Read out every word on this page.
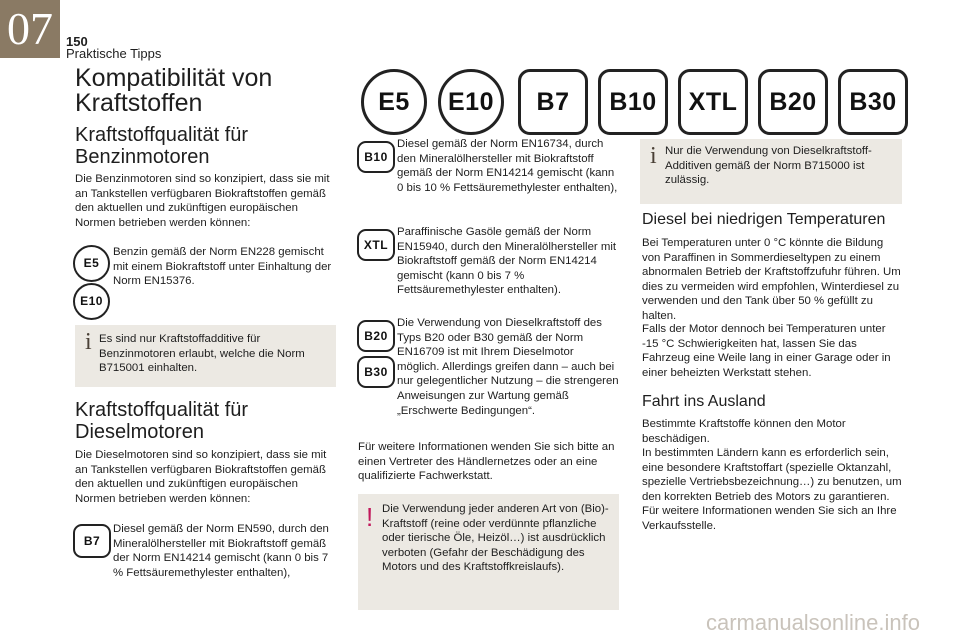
07	150
Praktische Tipps
Kompatibilität von Kraftstoffen	E5	E10	B7	B10	XTL	B20	B30
Kraftstoffqualität für Benzinmotoren

Die Benzinmotoren sind so konzipiert, dass sie mit an Tankstellen verfügbaren Biokraftstoffen gemäß den aktuellen und zukünftigen europäischen Normen betrieben werden können:

E5
E10

Benzin gemäß der Norm EN228 gemischt mit einem Biokraftstoff unter Einhaltung der Norm EN15376.

i Es sind nur Kraftstoffadditive für Benzinmotoren erlaubt, welche die Norm B715001 einhalten.

Kraftstoffqualität für Dieselmotoren

Die Dieselmotoren sind so konzipiert, dass sie mit an Tankstellen verfügbaren Biokraftstoffen gemäß den aktuellen und zukünftigen europäischen Normen betrieben werden können:

B7

Diesel gemäß der Norm EN590, durch den Mineralölhersteller mit Biokraftstoff gemäß der Norm EN14214 gemischt (kann 0 bis 7 % Fettsäuremethylester enthalten),

B10

Diesel gemäß der Norm EN16734, durch den Mineralölhersteller mit Biokraftstoff gemäß der Norm EN14214 gemischt (kann 0 bis 10 % Fettsäuremethylester enthalten),

XTL

Paraffinische Gasöle gemäß der Norm EN15940, durch den Mineralölhersteller mit Biokraftstoff gemäß der Norm EN14214 gemischt (kann 0 bis 7 % Fettsäuremethylester enthalten).

B20
B30

Die Verwendung von Dieselkraftstoff des Typs B20 oder B30 gemäß der Norm EN16709 ist mit Ihrem Dieselmotor möglich. Allerdings greifen dann – auch bei nur gelegentlicher Nutzung – die strengeren Anweisungen zur Wartung gemäß „Erschwerte Bedingungen“.

Für weitere Informationen wenden Sie sich bitte an einen Vertreter des Händlernetzes oder an eine qualifizierte Fachwerkstatt.

! Die Verwendung jeder anderen Art von (Bio)-Kraftstoff (reine oder verdünnte pflanzliche oder tierische Öle, Heizöl…) ist ausdrücklich verboten (Gefahr der Beschädigung des Motors und des Kraftstoffkreislaufs).

i Nur die Verwendung von Dieselkraftstoff-Additiven gemäß der Norm B715000 ist zulässig.

Diesel bei niedrigen Temperaturen

Bei Temperaturen unter 0 °C könnte die Bildung von Paraffinen in Sommerdieseltypen zu einem abnormalen Betrieb der Kraftstoffzufuhr führen. Um dies zu vermeiden wird empfohlen, Winterdiesel zu verwenden und den Tank über 50 % gefüllt zu halten.

Falls der Motor dennoch bei Temperaturen unter -15 °C Schwierigkeiten hat, lassen Sie das Fahrzeug eine Weile lang in einer Garage oder in einer beheizten Werkstatt stehen.

Fahrt ins Ausland

Bestimmte Kraftstoffe können den Motor beschädigen.

In bestimmten Ländern kann es erforderlich sein, eine besondere Kraftstoffart (spezielle Oktanzahl, spezielle Vertriebsbezeichnung…) zu benutzen, um den korrekten Betrieb des Motors zu garantieren. Für weitere Informationen wenden Sie sich an Ihre Verkaufsstelle.

carmanualsonline.info
